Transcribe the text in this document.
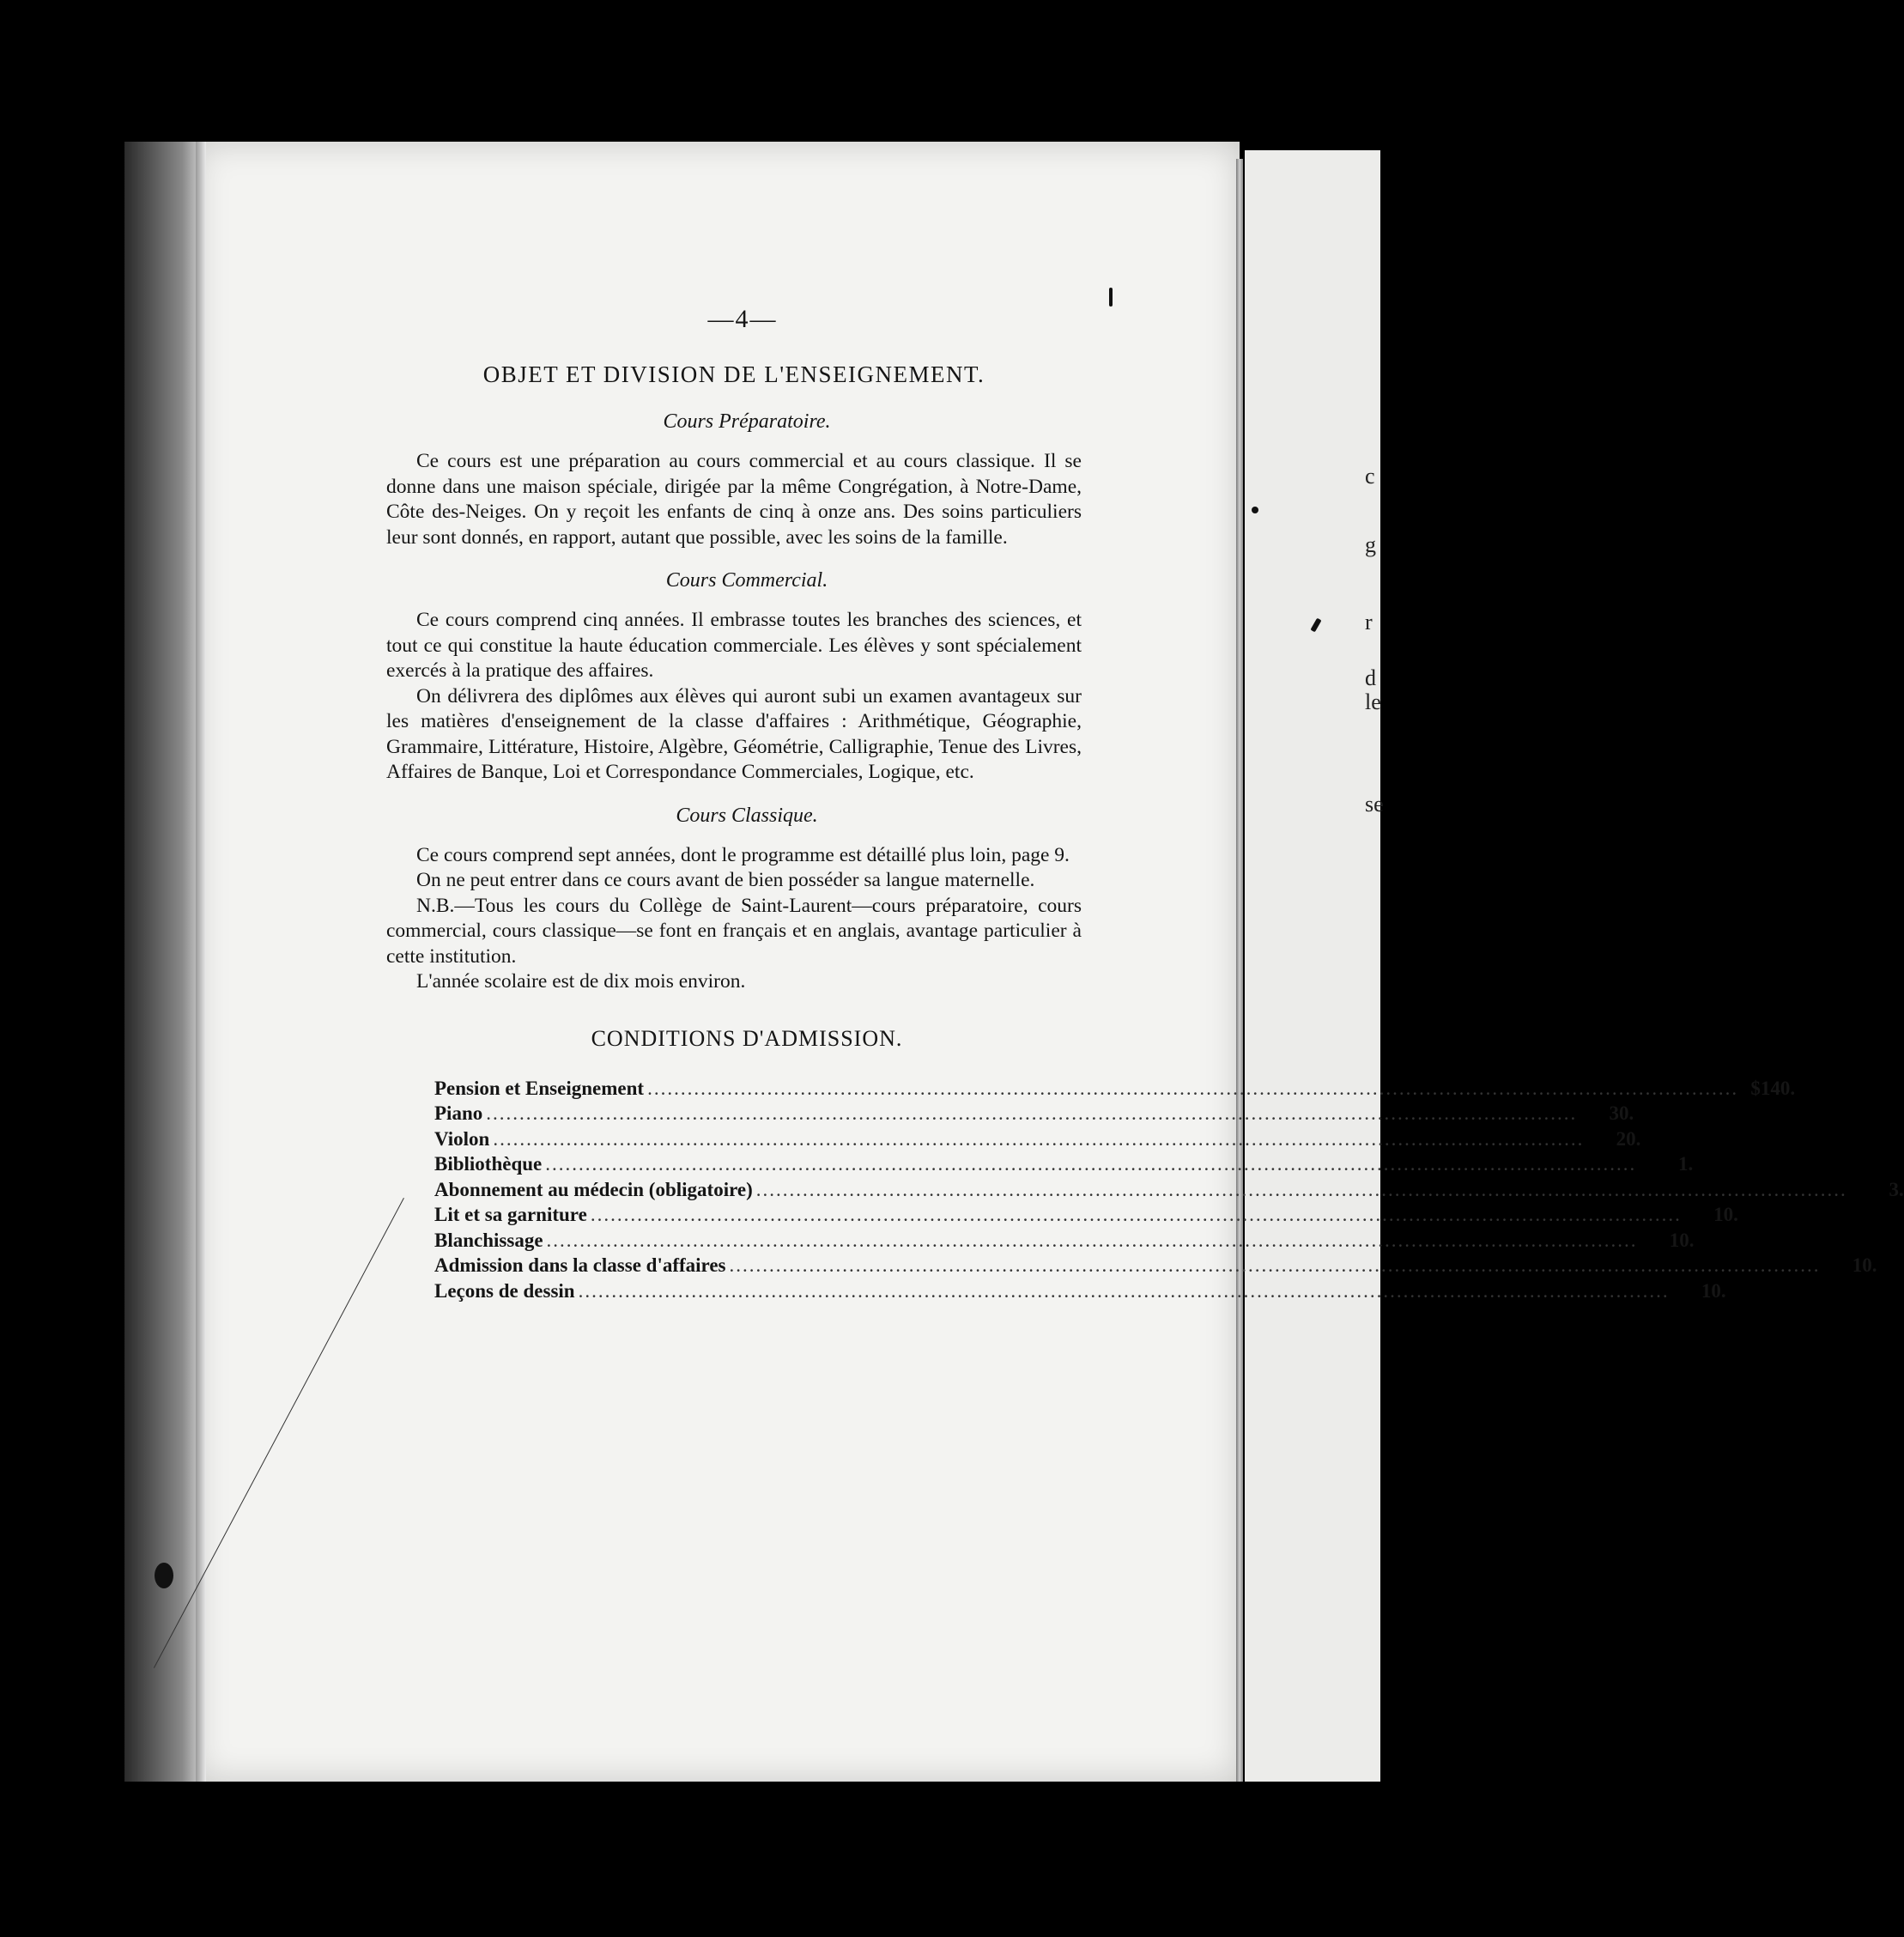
c
g
r
d
le
se
—4—
OBJET ET DIVISION DE L'ENSEIGNEMENT.
Cours Préparatoire.

Ce cours est une préparation au cours commercial et au cours classique. Il se donne dans une maison spéciale, dirigée par la même Congrégation, à Notre-Dame, Côte des-Neiges. On y reçoit les enfants de cinq à onze ans. Des soins particuliers leur sont donnés, en rapport, autant que possible, avec les soins de la famille.

Cours Commercial.

Ce cours comprend cinq années. Il embrasse toutes les branches des sciences, et tout ce qui constitue la haute éducation commerciale. Les élèves y sont spécialement exercés à la pratique des affaires.

On délivrera des diplômes aux élèves qui auront subi un examen avantageux sur les matières d'enseignement de la classe d'affaires : Arithmétique, Géographie, Grammaire, Littérature, Histoire, Algèbre, Géométrie, Calligraphie, Tenue des Livres, Affaires de Banque, Loi et Correspondance Commerciales, Logique, etc.

Cours Classique.

Ce cours comprend sept années, dont le programme est détaillé plus loin, page 9.

On ne peut entrer dans ce cours avant de bien posséder sa langue maternelle.

N.B.—Tous les cours du Collège de Saint-Laurent—cours préparatoire, cours commercial, cours classique—se font en français et en anglais, avantage particulier à cette institution.

L'année scolaire est de dix mois environ.

CONDITIONS D'ADMISSION.
Pension et Enseignement .....	$140.
Piano .....	30.
Violon .....	20.
Bibliothèque .....	1.
Abonnement au médecin (obligatoire) .....	3.
Lit et sa garniture .....	10.
Blanchissage .....	10.
Admission dans la classe d'affaires .....	10.
Leçons de dessin .....	10.
